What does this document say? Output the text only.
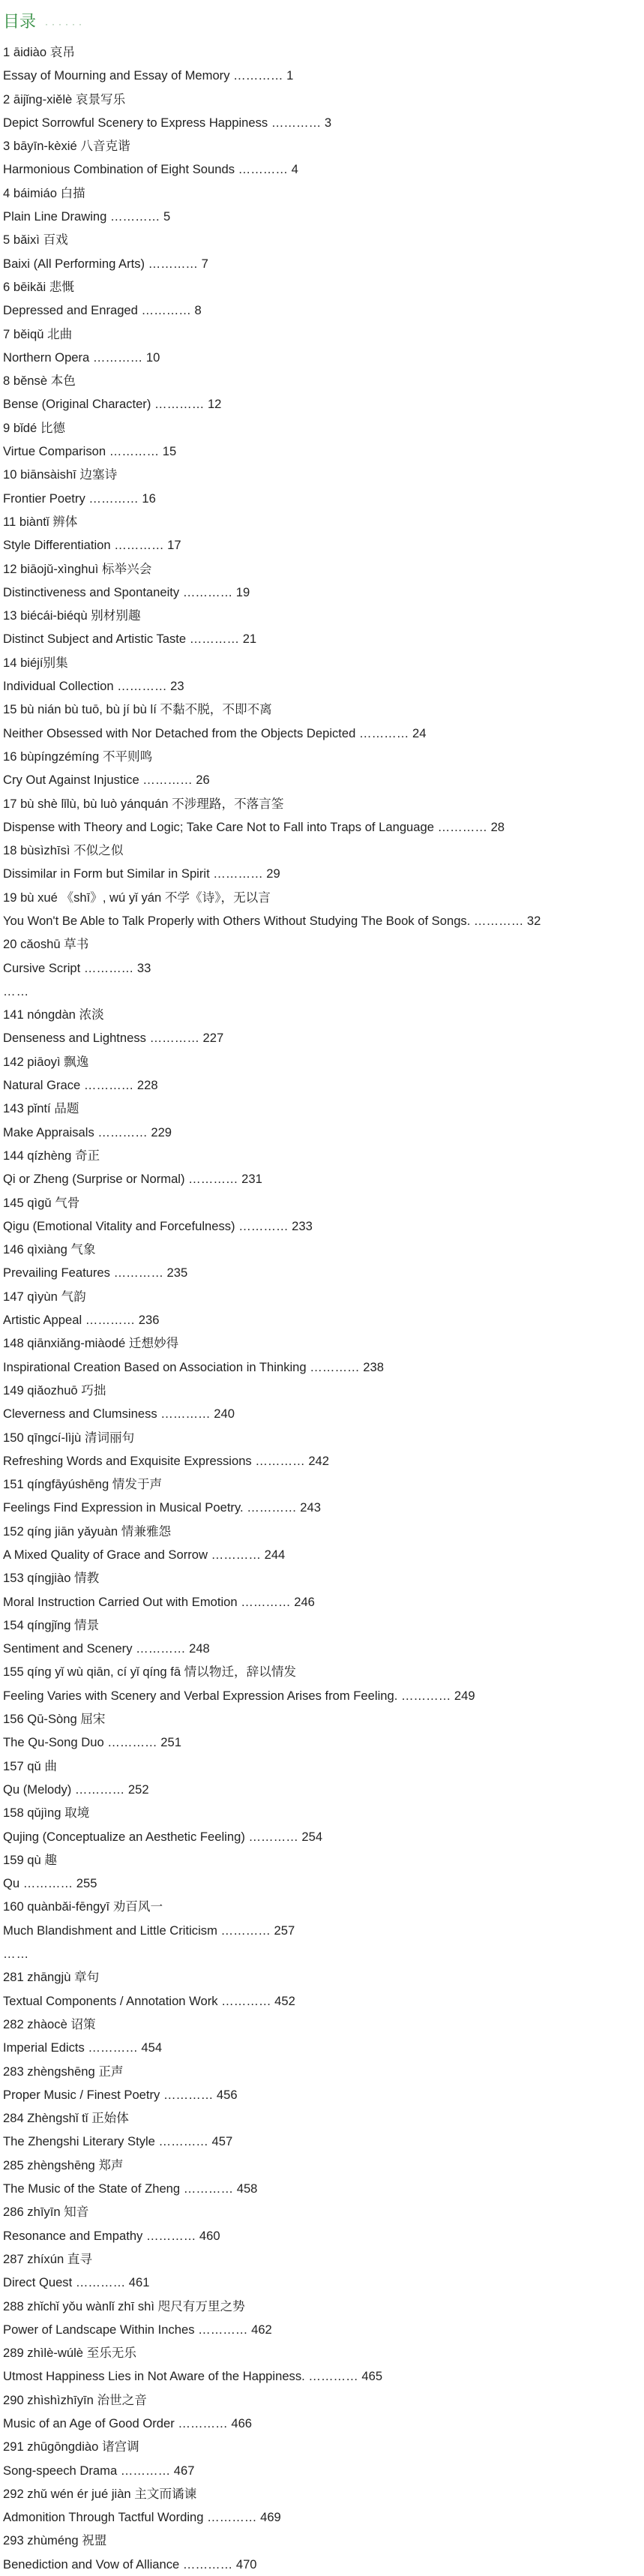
目录 ······
1 āidiào 哀吊
Essay of Mourning and Essay of Memory ………… 1
2 āijǐng-xiělè 哀景写乐
Depict Sorrowful Scenery to Express Happiness ………… 3
3 bāyīn-kèxié 八音克谐
Harmonious Combination of Eight Sounds ………… 4
4 báimiáo 白描
Plain Line Drawing ………… 5
5 bǎixì 百戏
Baixi (All Performing Arts) ………… 7
6 bēikǎi 悲慨
Depressed and Enraged ………… 8
7 běiqǔ 北曲
Northern Opera ………… 10
8 běnsè 本色
Bense (Original Character) ………… 12
9 bǐdé 比德
Virtue Comparison ………… 15
10 biānsàishī 边塞诗
Frontier Poetry ………… 16
11 biàntǐ 辨体
Style Differentiation ………… 17
12 biāojǔ-xìnghuì 标举兴会
Distinctiveness and Spontaneity ………… 19
13 biécái-biéqù 别材别趣
Distinct Subject and Artistic Taste ………… 21
14 biéjí别集
Individual Collection ………… 23
15 bù nián bù tuō, bù jí bù lí 不黏不脱，不即不离
Neither Obsessed with Nor Detached from the Objects Depicted ………… 24
16 bùpíngzémíng 不平则鸣
Cry Out Against Injustice ………… 26
17 bù shè lǐlù, bù luò yánquán 不涉理路，不落言筌
Dispense with Theory and Logic; Take Care Not to Fall into Traps of Language ………… 28
18 bùsìzhīsì 不似之似
Dissimilar in Form but Similar in Spirit ………… 29
19 bù xué 《shī》, wú yǐ yán 不学《诗》，无以言
You Won't Be Able to Talk Properly with Others Without Studying The Book of Songs. ………… 32
20 cǎoshū 草书
Cursive Script ………… 33
……
141 nóngdàn 浓淡
Denseness and Lightness ………… 227
142 piāoyì 飘逸
Natural Grace ………… 228
143 pǐntí 品题
Make Appraisals ………… 229
144 qízhèng 奇正
Qi or Zheng (Surprise or Normal) ………… 231
145 qìgǔ 气骨
Qigu (Emotional Vitality and Forcefulness) ………… 233
146 qìxiàng 气象
Prevailing Features ………… 235
147 qìyùn 气韵
Artistic Appeal ………… 236
148 qiānxiǎng-miàodé 迁想妙得
Inspirational Creation Based on Association in Thinking ………… 238
149 qiǎozhuō 巧拙
Cleverness and Clumsiness ………… 240
150 qīngcí-lìjù 清词丽句
Refreshing Words and Exquisite Expressions ………… 242
151 qíngfāyúshēng 情发于声
Feelings Find Expression in Musical Poetry. ………… 243
152 qíng jiān yǎyuàn 情兼雅怨
A Mixed Quality of Grace and Sorrow ………… 244
153 qíngjiào 情教
Moral Instruction Carried Out with Emotion ………… 246
154 qíngjǐng 情景
Sentiment and Scenery ………… 248
155 qíng yǐ wù qiān, cí yǐ qíng fā 情以物迁，辞以情发
Feeling Varies with Scenery and Verbal Expression Arises from Feeling. ………… 249
156 Qū-Sòng 屈宋
The Qu-Song Duo ………… 251
157 qǔ 曲
Qu (Melody) ………… 252
158 qǔjìng 取境
Qujing (Conceptualize an Aesthetic Feeling) ………… 254
159 qù 趣
Qu ………… 255
160 quànbǎi-fēngyī 劝百风一
Much Blandishment and Little Criticism ………… 257
……
281 zhāngjù 章句
Textual Components / Annotation Work ………… 452
282 zhàocè 诏策
Imperial Edicts ………… 454
283 zhèngshēng 正声
Proper Music / Finest Poetry ………… 456
284 Zhèngshǐ tǐ 正始体
The Zhengshi Literary Style ………… 457
285 zhèngshēng 郑声
The Music of the State of Zheng ………… 458
286 zhīyīn 知音
Resonance and Empathy ………… 460
287 zhíxún 直寻
Direct Quest ………… 461
288 zhǐchǐ yǒu wànlǐ zhī shì 咫尺有万里之势
Power of Landscape Within Inches ………… 462
289 zhìlè-wúlè 至乐无乐
Utmost Happiness Lies in Not Aware of the Happiness. ………… 465
290 zhìshìzhīyīn 治世之音
Music of an Age of Good Order ………… 466
291 zhūgōngdiào 诸宫调
Song-speech Drama ………… 467
292 zhǔ wén ér jué jiàn 主文而谲谏
Admonition Through Tactful Wording ………… 469
293 zhùméng 祝盟
Benediction and Vow of Alliance ………… 470
